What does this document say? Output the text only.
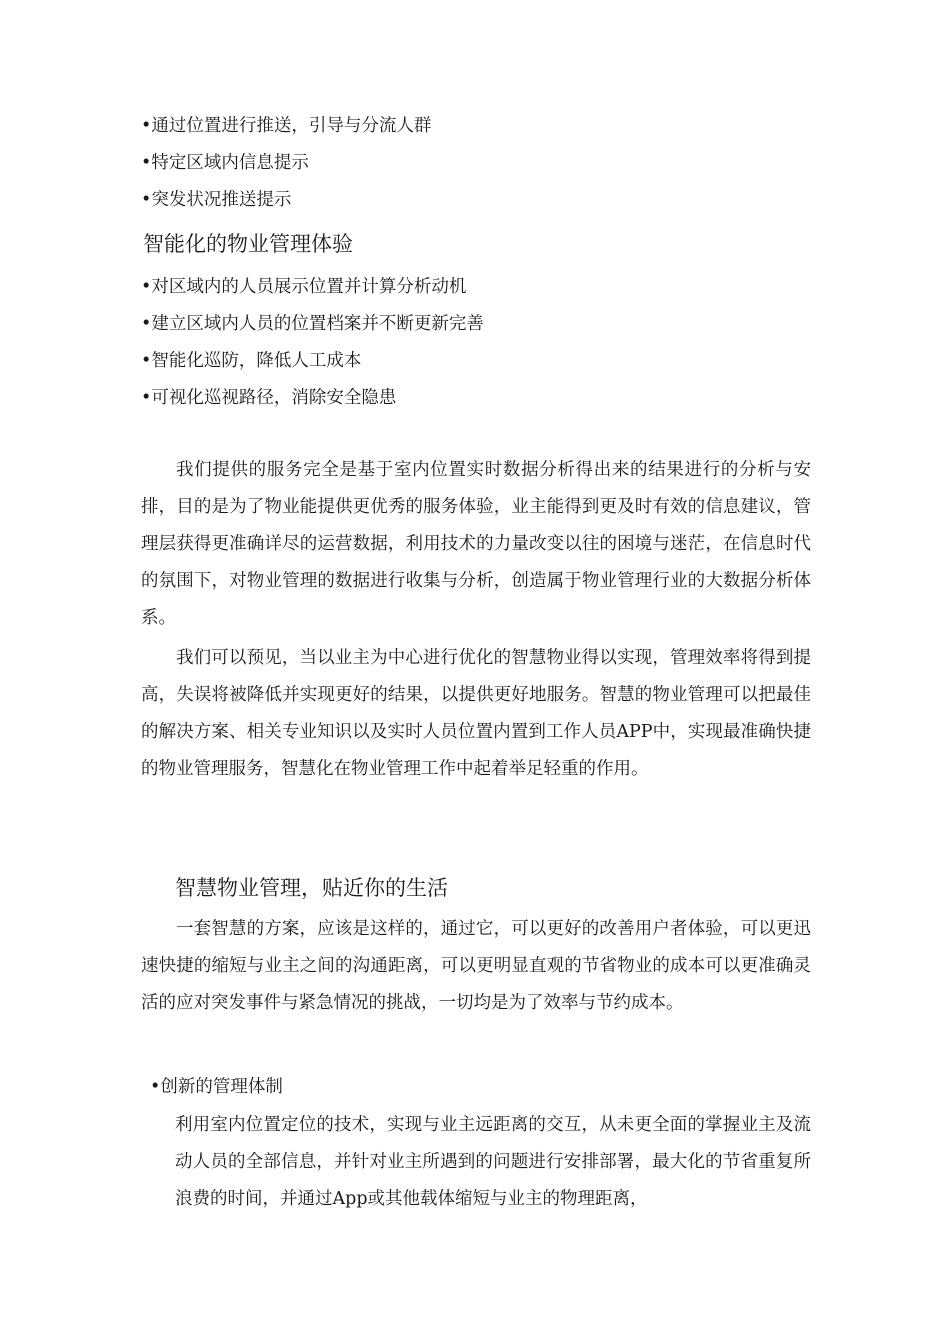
•通过位置进行推送，引导与分流人群
•特定区域内信息提示
•突发状况推送提示
智能化的物业管理体验
•对区域内的人员展示位置并计算分析动机
•建立区域内人员的位置档案并不断更新完善
•智能化巡防，降低人工成本
•可视化巡视路径，消除安全隐患

我们提供的服务完全是基于室内位置实时数据分析得出来的结果进行的分析与安排，目的是为了物业能提供更优秀的服务体验，业主能得到更及时有效的信息建议，管理层获得更准确详尽的运营数据，利用技术的力量改变以往的困境与迷茫，在信息时代的氛围下，对物业管理的数据进行收集与分析，创造属于物业管理行业的大数据分析体系。

我们可以预见，当以业主为中心进行优化的智慧物业得以实现，管理效率将得到提高，失误将被降低并实现更好的结果，以提供更好地服务。智慧的物业管理可以把最佳的解决方案、相关专业知识以及实时人员位置内置到工作人员APP中，实现最准确快捷的物业管理服务，智慧化在物业管理工作中起着举足轻重的作用。

智慧物业管理，贴近你的生活

一套智慧的方案，应该是这样的，通过它，可以更好的改善用户者体验，可以更迅速快捷的缩短与业主之间的沟通距离，可以更明显直观的节省物业的成本可以更准确灵活的应对突发事件与紧急情况的挑战，一切均是为了效率与节约成本。

•创新的管理体制

利用室内位置定位的技术，实现与业主远距离的交互，从未更全面的掌握业主及流动人员的全部信息，并针对业主所遇到的问题进行安排部署，最大化的节省重复所浪费的时间，并通过App或其他载体缩短与业主的物理距离，
